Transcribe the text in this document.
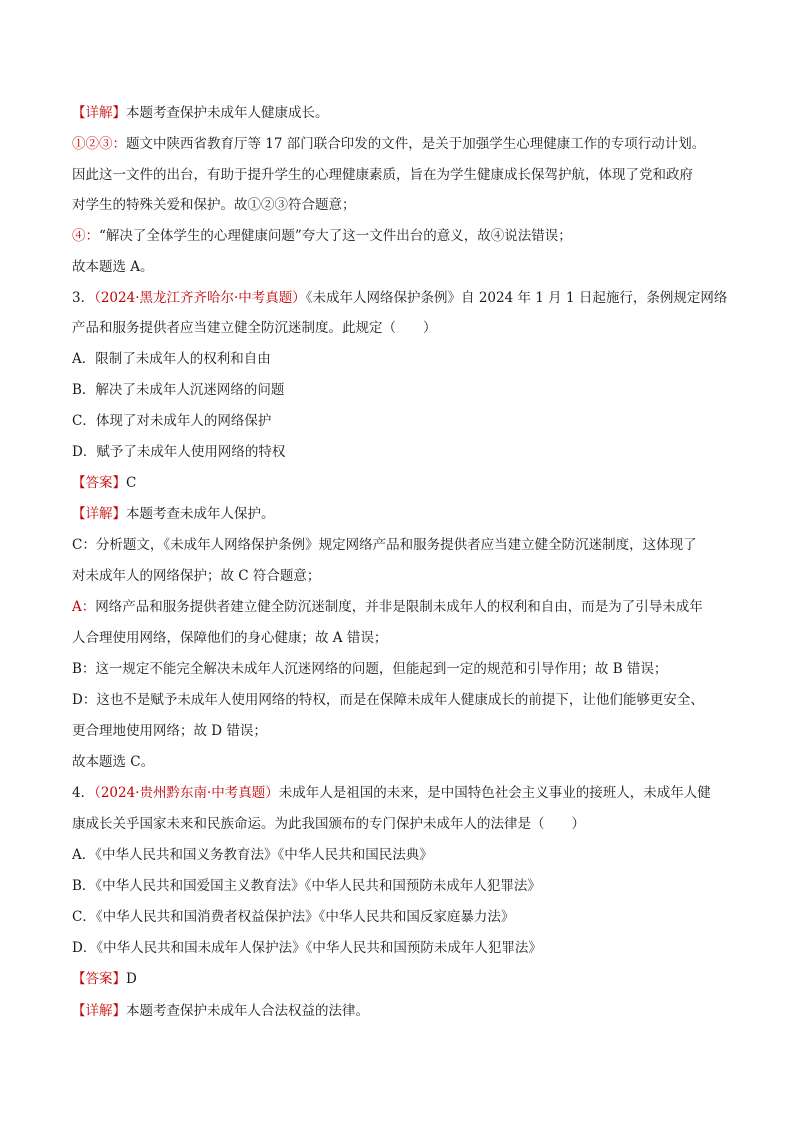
【详解】本题考查保护未成年人健康成长。
①②③：题文中陕西省教育厅等 17 部门联合印发的文件，是关于加强学生心理健康工作的专项行动计划。
因此这一文件的出台，有助于提升学生的心理健康素质，旨在为学生健康成长保驾护航，体现了党和政府
对学生的特殊关爱和保护。故①②③符合题意；
④：“解决了全体学生的心理健康问题”夸大了这一文件出台的意义，故④说法错误；
故本题选 A。
3．（2024·黑龙江齐齐哈尔·中考真题）《未成年人网络保护条例》自 2024 年 1 月 1 日起施行，条例规定网络
产品和服务提供者应当建立健全防沉迷制度。此规定（　　）
A．限制了未成年人的权利和自由
B．解决了未成年人沉迷网络的问题
C．体现了对未成年人的网络保护
D．赋予了未成年人使用网络的特权
【答案】C
【详解】本题考查未成年人保护。
C：分析题文，《未成年人网络保护条例》规定网络产品和服务提供者应当建立健全防沉迷制度，这体现了
对未成年人的网络保护；故 C 符合题意；
A：网络产品和服务提供者建立健全防沉迷制度，并非是限制未成年人的权利和自由，而是为了引导未成年
人合理使用网络，保障他们的身心健康；故 A 错误；
B：这一规定不能完全解决未成年人沉迷网络的问题，但能起到一定的规范和引导作用；故 B 错误；
D：这也不是赋予未成年人使用网络的特权，而是在保障未成年人健康成长的前提下，让他们能够更安全、
更合理地使用网络；故 D 错误；
故本题选 C。
4．（2024·贵州黔东南·中考真题）未成年人是祖国的未来，是中国特色社会主义事业的接班人，未成年人健
康成长关乎国家未来和民族命运。为此我国颁布的专门保护未成年人的法律是（　　）
A．《中华人民共和国义务教育法》《中华人民共和国民法典》
B．《中华人民共和国爱国主义教育法》《中华人民共和国预防未成年人犯罪法》
C．《中华人民共和国消费者权益保护法》《中华人民共和国反家庭暴力法》
D．《中华人民共和国未成年人保护法》《中华人民共和国预防未成年人犯罪法》
【答案】D
【详解】本题考查保护未成年人合法权益的法律。
